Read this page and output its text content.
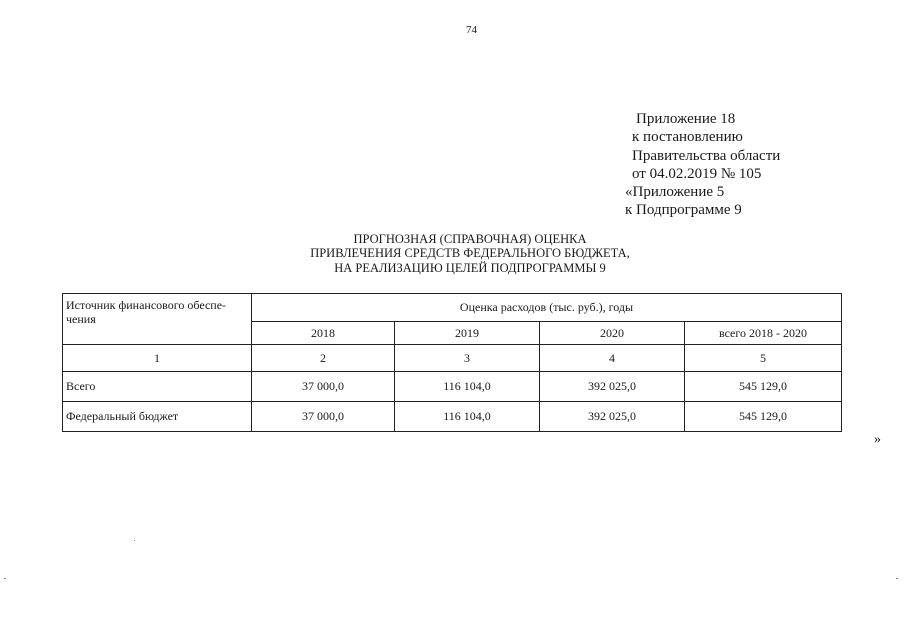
74
Приложение 18
к постановлению
Правительства области
от 04.02.2019 № 105
«Приложение 5
к Подпрограмме 9
ПРОГНОЗНАЯ (СПРАВОЧНАЯ) ОЦЕНКА
ПРИВЛЕЧЕНИЯ СРЕДСТВ ФЕДЕРАЛЬНОГО БЮДЖЕТА,
НА РЕАЛИЗАЦИЮ ЦЕЛЕЙ ПОДПРОГРАММЫ 9
Источник финансового обеспе-чения	Оценка расходов (тыс. руб.), годы			
	2018	2019	2020	всего 2018 - 2020
1	2	3	4	5
Всего	37 000,0	116 104,0	392 025,0	545 129,0
Федеральный бюджет	37 000,0	116 104,0	392 025,0	545 129,0
»
